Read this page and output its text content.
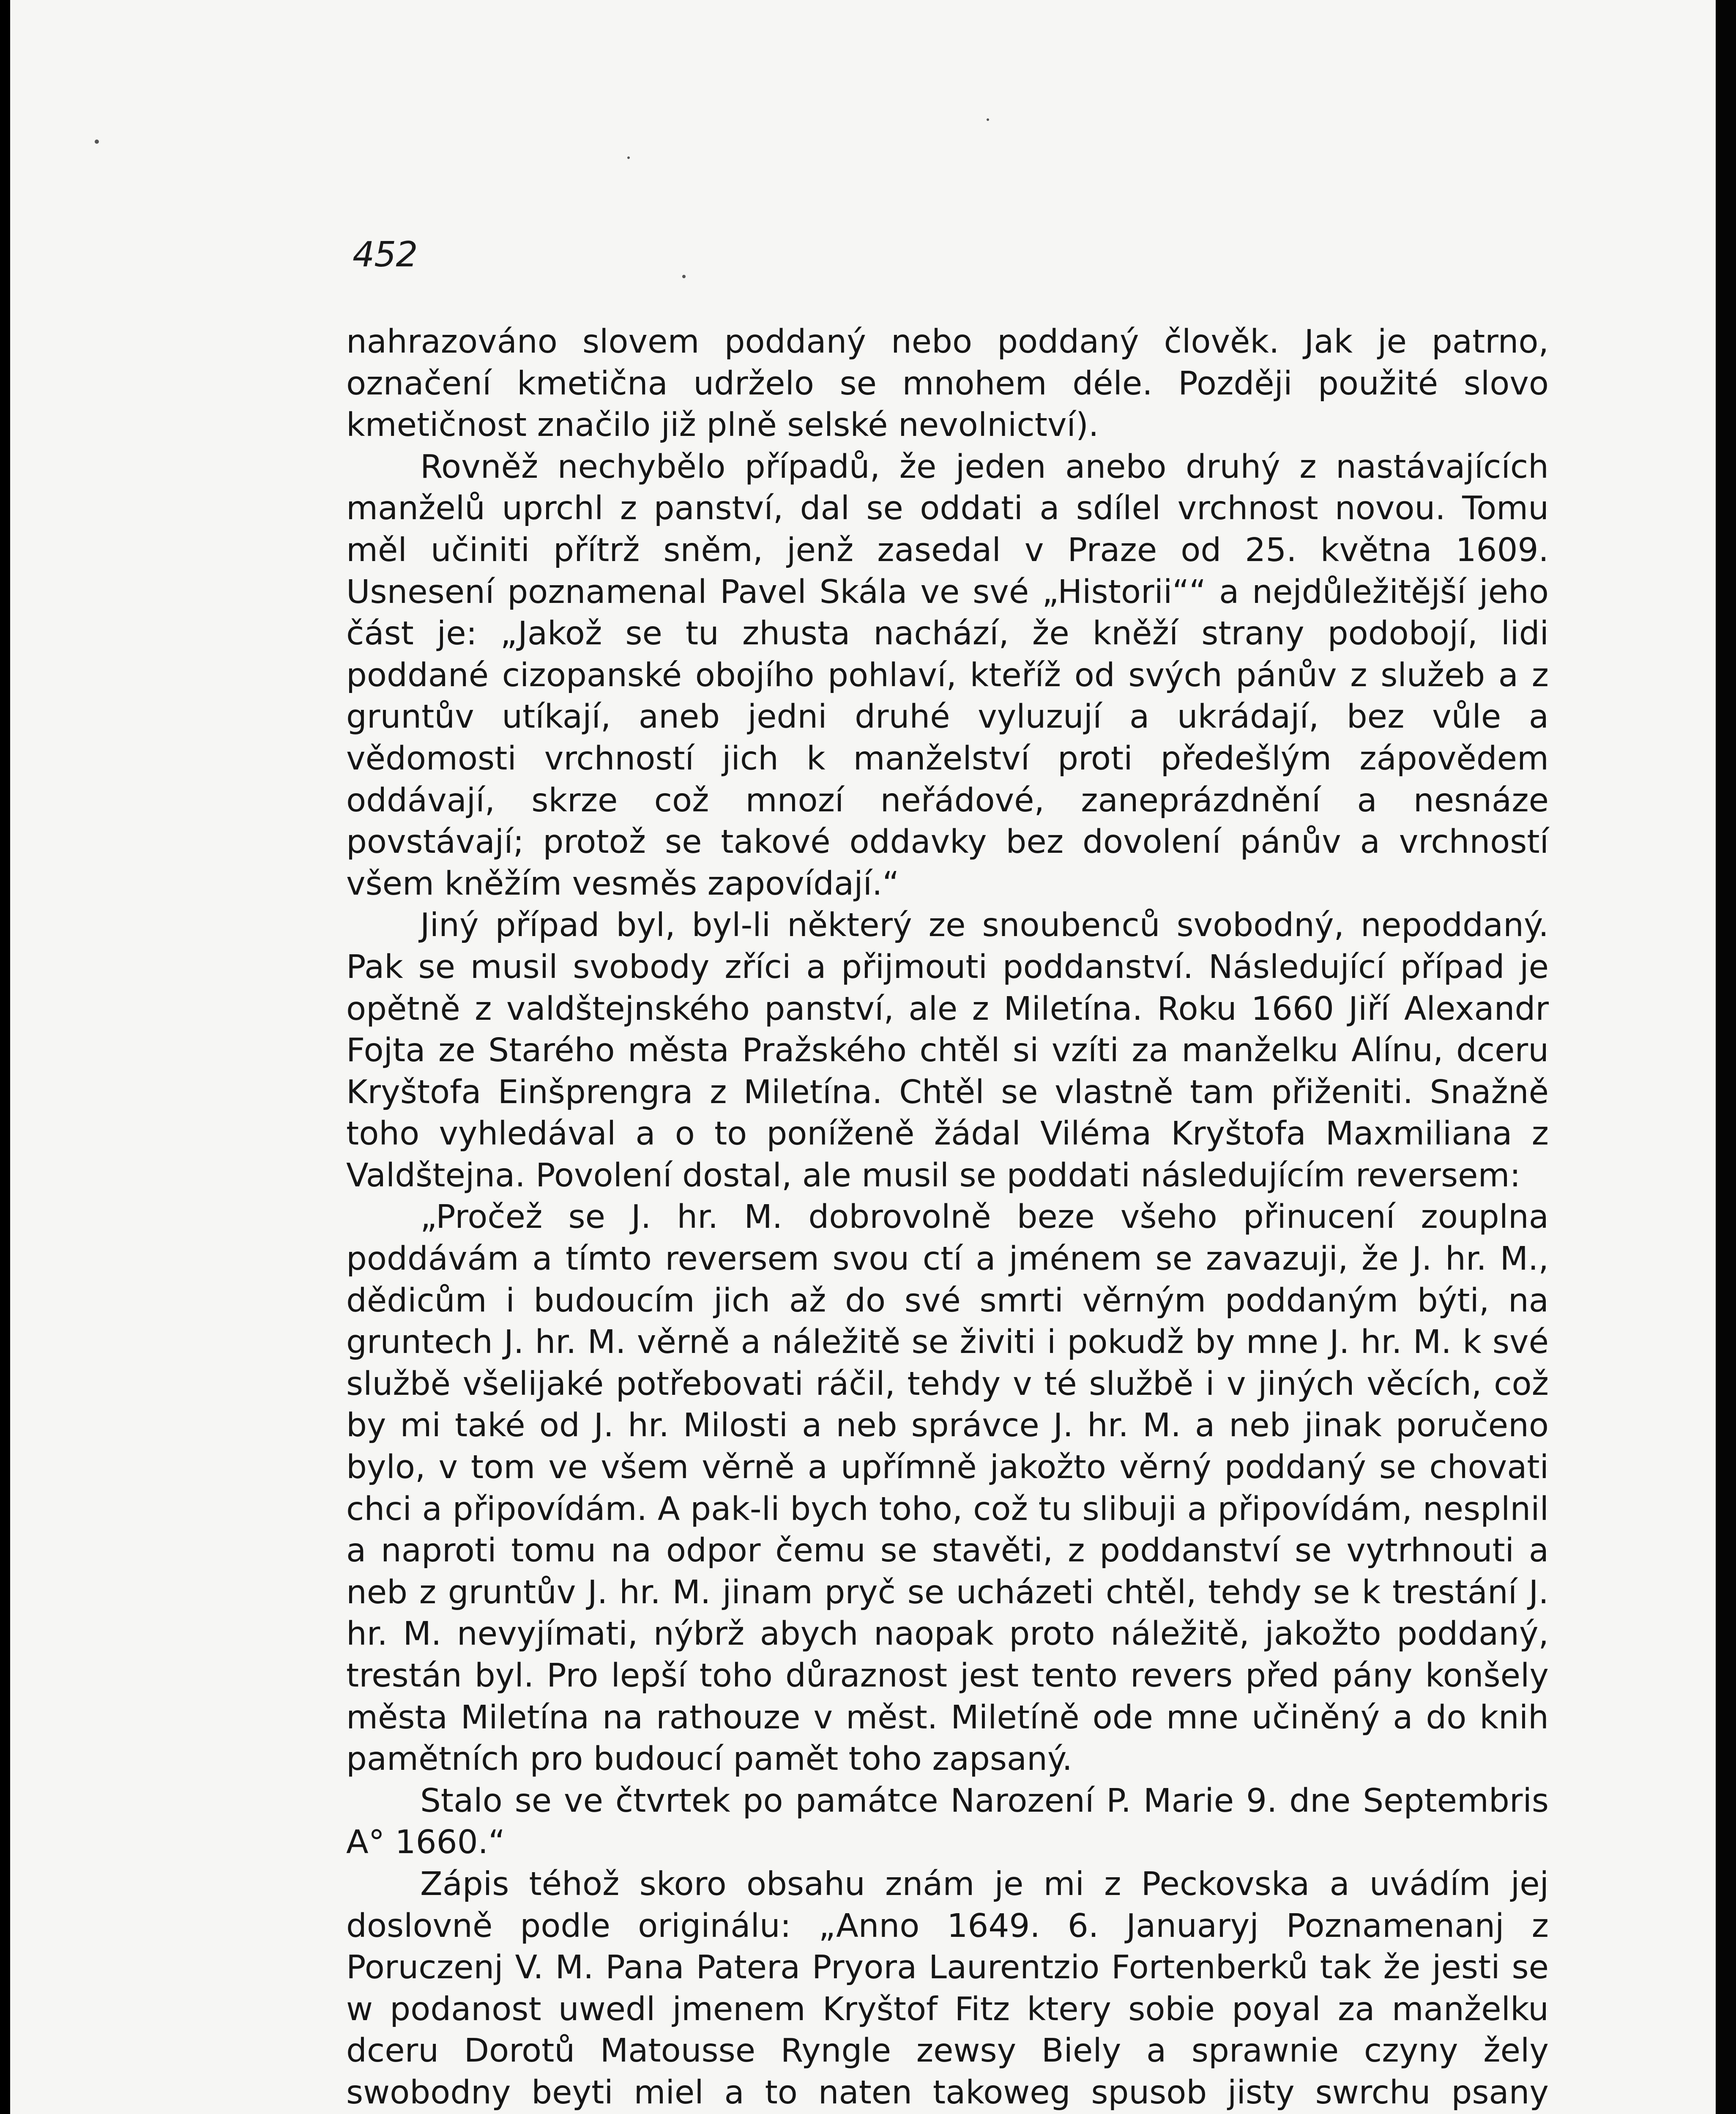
452

nahrazováno slovem poddaný nebo poddaný člověk. Jak je patrno, označení kmetična udrželo se mnohem déle. Později použité slovo kmetičnost značilo již plně selské nevolnictví).

Rovněž nechybělo případů, že jeden anebo druhý z nastávajících manželů uprchl z panství, dal se oddati a sdílel vrchnost novou. Tomu měl učiniti přítrž sněm, jenž zasedal v Praze od 25. května 1609. Usnesení poznamenal Pavel Skála ve své „Historii““ a nejdůležitější jeho část je: „Jakož se tu zhusta nachází, že kněží strany podobojí, lidi poddané cizopanské obojího pohlaví, kteříž od svých pánův z služeb a z gruntův utíkají, aneb jedni druhé vyluzují a ukrádají, bez vůle a vědomosti vrchností jich k manželství proti předešlým zápovědem oddávají, skrze což mnozí neřádové, zaneprázdnění a nesnáze povstávají; protož se takové oddavky bez dovolení pánův a vrchností všem kněžím vesměs zapovídají.“

Jiný případ byl, byl-li některý ze snoubenců svobodný, nepoddaný. Pak se musil svobody zříci a přijmouti poddanství. Následující případ je opětně z valdštejnského panství, ale z Miletína. Roku 1660 Jiří Alexandr Fojta ze Starého města Pražského chtěl si vzíti za manželku Alínu, dceru Kryštofa Einšprengra z Miletína. Chtěl se vlastně tam přiženiti. Snažně toho vyhledával a o to poníženě žádal Viléma Kryštofa Maxmiliana z Valdštejna. Povolení dostal, ale musil se poddati následujícím reversem:

„Pročež se J. hr. M. dobrovolně beze všeho přinucení zouplna poddávám a tímto reversem svou ctí a jménem se zavazuji, že J. hr. M., dědicům i budoucím jich až do své smrti věrným poddaným býti, na gruntech J. hr. M. věrně a náležitě se živiti i pokudž by mne J. hr. M. k své službě všelijaké potřebovati ráčil, tehdy v té službě i v jiných věcích, což by mi také od J. hr. Milosti a neb správce J. hr. M. a neb jinak poručeno bylo, v tom ve všem věrně a upřímně jakožto věrný poddaný se chovati chci a připovídám. A pak-li bych toho, což tu slibuji a připovídám, nesplnil a naproti tomu na odpor čemu se stavěti, z poddanství se vytrhnouti a neb z gruntův J. hr. M. jinam pryč se ucházeti chtěl, tehdy se k trestání J. hr. M. nevyjímati, nýbrž abych naopak proto náležitě, jakožto poddaný, trestán byl. Pro lepší toho důraznost jest tento revers před pány konšely města Miletína na rathouze v měst. Miletíně ode mne učiněný a do knih pamětních pro budoucí pamět toho zapsaný.

Stalo se ve čtvrtek po památce Narození P. Marie 9. dne Septembris A° 1660.“

Zápis téhož skoro obsahu znám je mi z Peckovska a uvádím jej doslovně podle originálu: „Anno 1649. 6. Januaryj Poznamenanj z Poruczenj V. M. Pana Patera Pryora Laurentzio Fortenberků tak že jesti se w podanost uwedl jmenem Kryštof Fitz ktery sobie poyal za manželku dceru Dorotů Matousse Ryngle zewsy Biely a sprawnie czyny žely swobodny beyti miel a to naten takoweg spusob jisty swrchu psany
